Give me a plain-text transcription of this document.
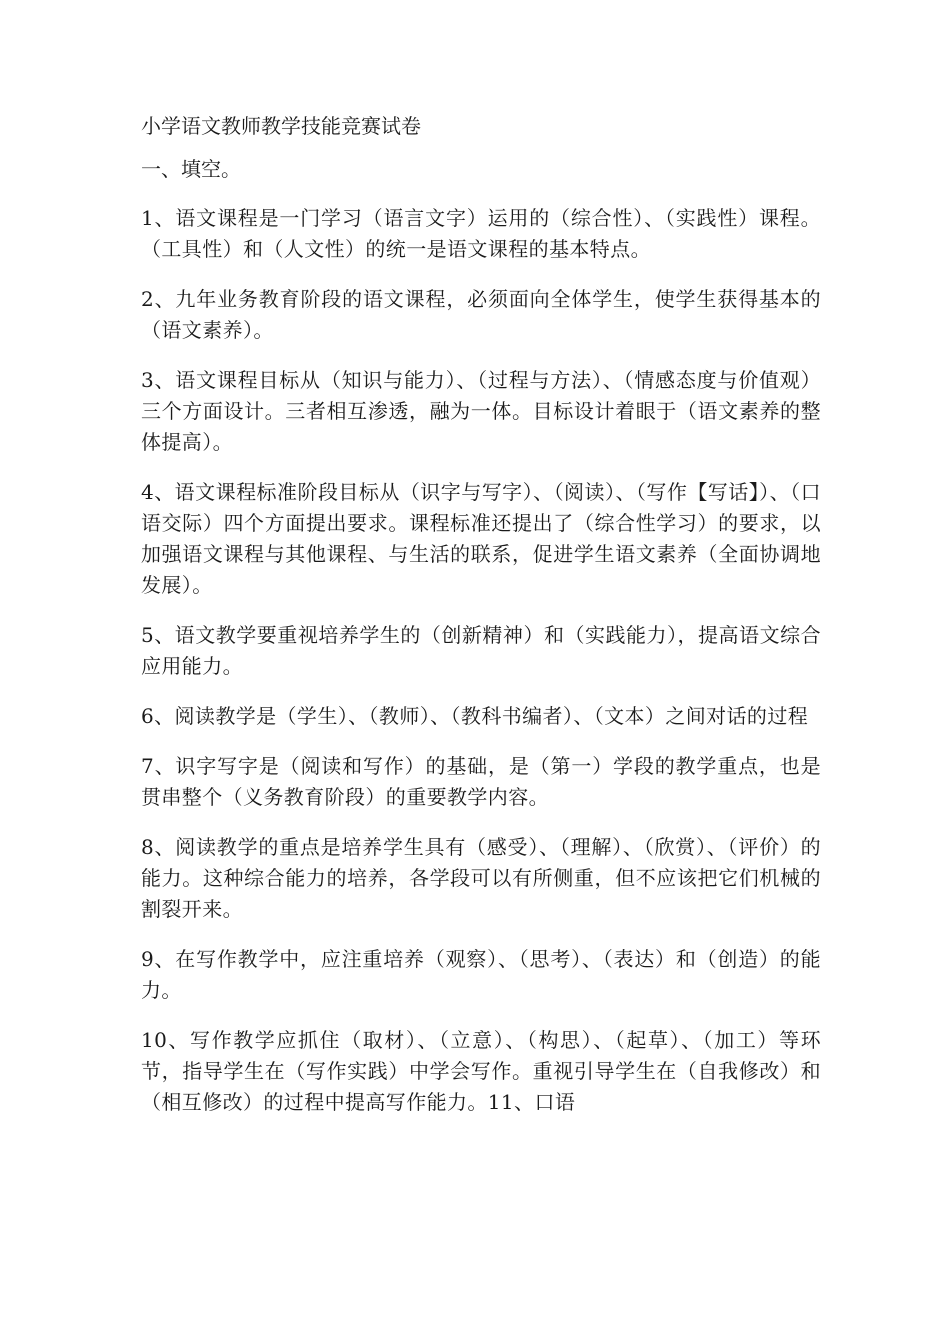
小学语文教师教学技能竞赛试卷
一、填空。

1、语文课程是一门学习（语言文字）运用的（综合性）、（实践性）课程。（工具性）和（人文性）的统一是语文课程的基本特点。

2、九年业务教育阶段的语文课程，必须面向全体学生，使学生获得基本的（语文素养）。

3、语文课程目标从（知识与能力）、（过程与方法）、（情感态度与价值观）三个方面设计。三者相互渗透，融为一体。目标设计着眼于（语文素养的整体提高）。

4、语文课程标准阶段目标从（识字与写字）、（阅读）、（写作【写话】）、（口语交际）四个方面提出要求。课程标准还提出了（综合性学习）的要求，以加强语文课程与其他课程、与生活的联系，促进学生语文素养（全面协调地发展）。

5、语文教学要重视培养学生的（创新精神）和（实践能力），提高语文综合应用能力。

6、阅读教学是（学生）、（教师）、（教科书编者）、（文本）之间对话的过程

7、识字写字是（阅读和写作）的基础，是（第一）学段的教学重点，也是贯串整个（义务教育阶段）的重要教学内容。

8、阅读教学的重点是培养学生具有（感受）、（理解）、（欣赏）、（评价）的能力。这种综合能力的培养，各学段可以有所侧重，但不应该把它们机械的割裂开来。

9、在写作教学中，应注重培养（观察）、（思考）、（表达）和（创造）的能力。

10、写作教学应抓住（取材）、（立意）、（构思）、（起草）、（加工）等环节，指导学生在（写作实践）中学会写作。重视引导学生在（自我修改）和（相互修改）的过程中提高写作能力。11、口语
